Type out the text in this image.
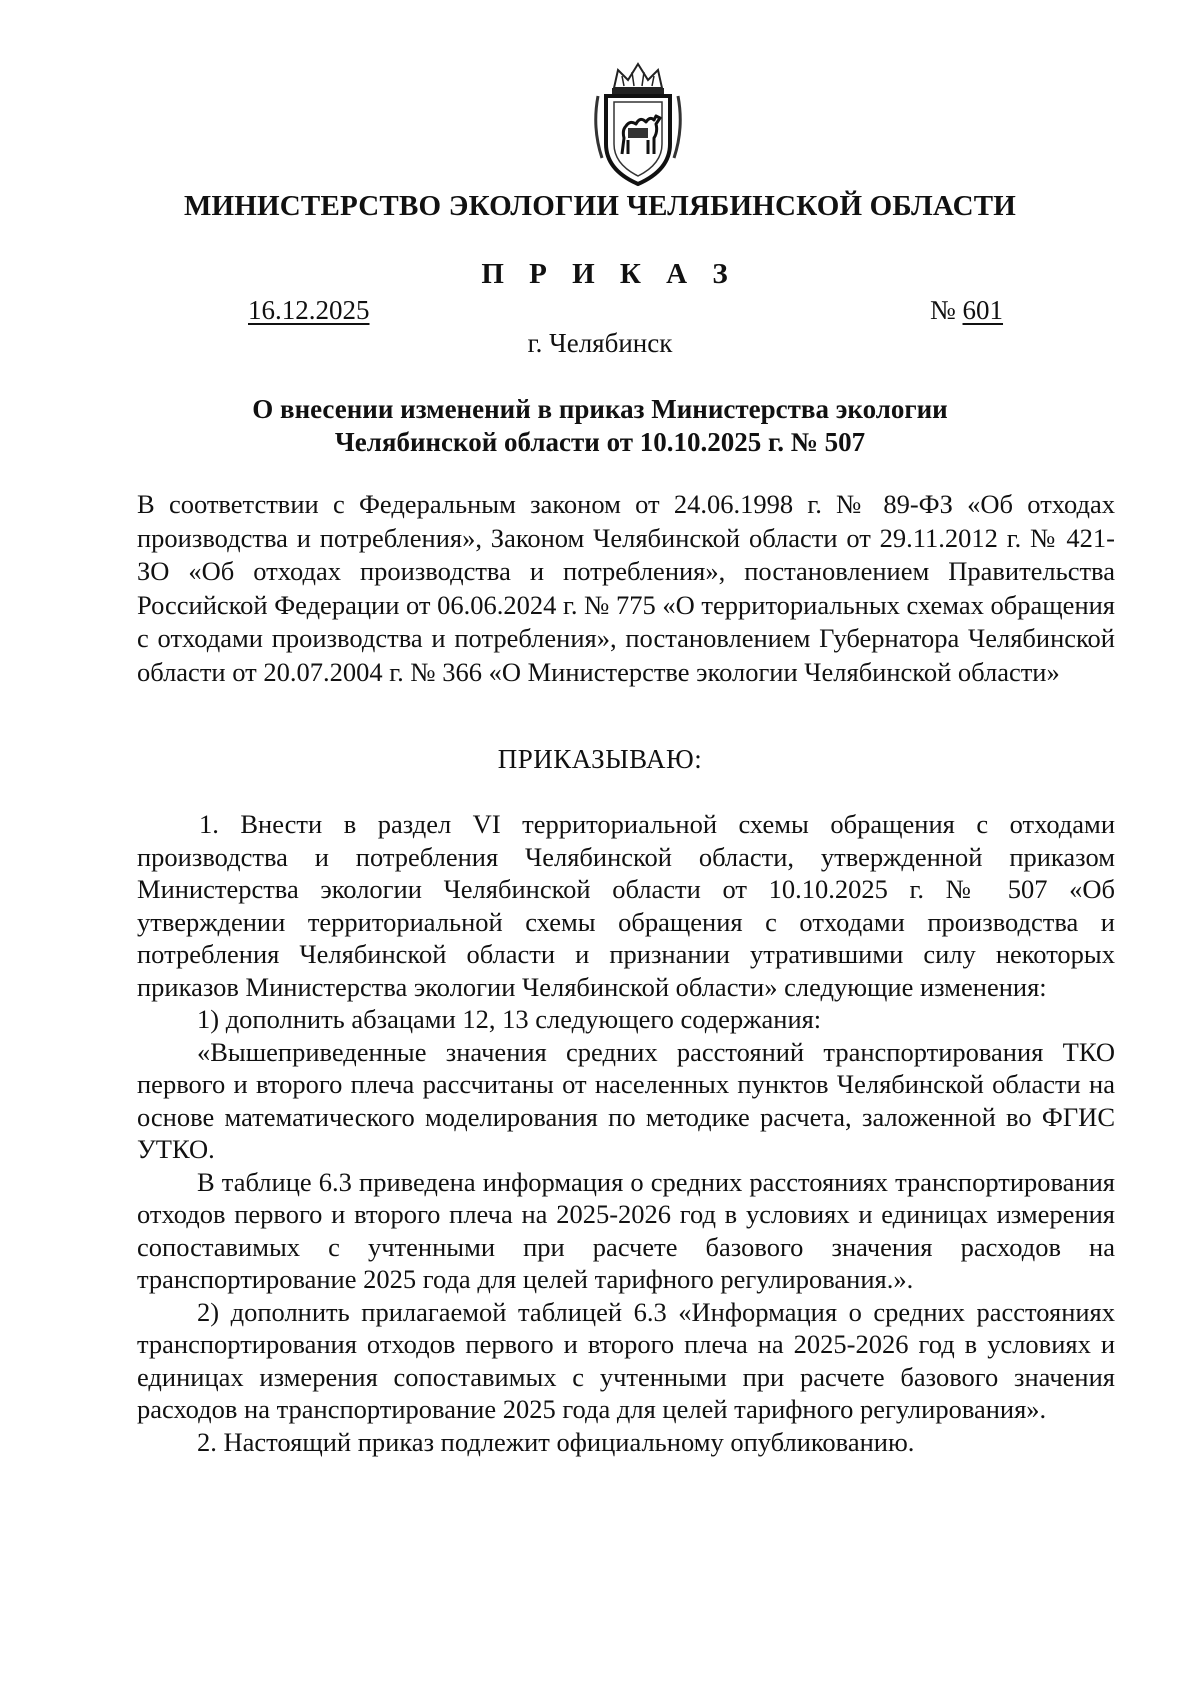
МИНИСТЕРСТВО ЭКОЛОГИИ ЧЕЛЯБИНСКОЙ ОБЛАСТИ
П Р И К А З
16.12.2025	№ 601
г. Челябинск
О внесении изменений в приказ Министерства экологии
Челябинской области от 10.10.2025 г. № 507

В соответствии с Федеральным законом от 24.06.1998 г. № 89-ФЗ «Об отходах производства и потребления», Законом Челябинской области от 29.11.2012 г. № 421-ЗО «Об отходах производства и потребления», постановлением Правительства Российской Федерации от 06.06.2024 г. № 775 «О территориальных схемах обращения с отходами производства и потребления», постановлением Губернатора Челябинской области от 20.07.2004 г. № 366 «О Министерстве экологии Челябинской области»

ПРИКАЗЫВАЮ:

1. Внести в раздел VI территориальной схемы обращения с отходами производства и потребления Челябинской области, утвержденной приказом Министерства экологии Челябинской области от 10.10.2025 г. № 507 «Об утверждении территориальной схемы обращения с отходами производства и потребления Челябинской области и признании утратившими силу некоторых приказов Министерства экологии Челябинской области» следующие изменения:

1) дополнить абзацами 12, 13 следующего содержания:

«Вышеприведенные значения средних расстояний транспортирования ТКО первого и второго плеча рассчитаны от населенных пунктов Челябинской области на основе математического моделирования по методике расчета, заложенной во ФГИС УТКО.

В таблице 6.3 приведена информация о средних расстояниях транспортирования отходов первого и второго плеча на 2025-2026 год в условиях и единицах измерения сопоставимых с учтенными при расчете базового значения расходов на транспортирование 2025 года для целей тарифного регулирования.».

2) дополнить прилагаемой таблицей 6.3 «Информация о средних расстояниях транспортирования отходов первого и второго плеча на 2025-2026 год в условиях и единицах измерения сопоставимых с учтенными при расчете базового значения расходов на транспортирование 2025 года для целей тарифного регулирования».

2. Настоящий приказ подлежит официальному опубликованию.
